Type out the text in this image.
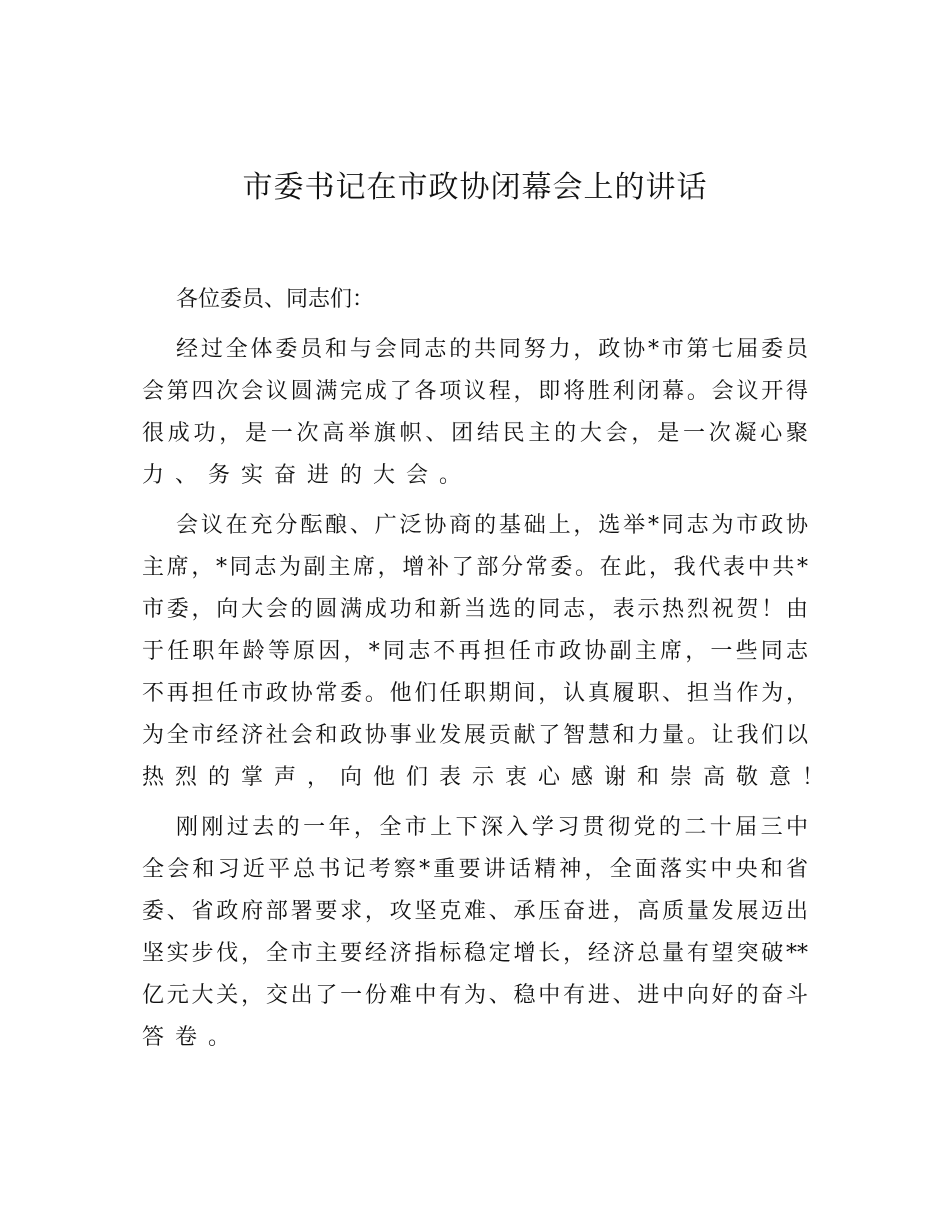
市委书记在市政协闭幕会上的讲话
各位委员、同志们：
经过全体委员和与会同志的共同努力，政协*市第七届委员
会第四次会议圆满完成了各项议程，即将胜利闭幕。会议开得
很成功，是一次高举旗帜、团结民主的大会，是一次凝心聚
力、务实奋进的大会。
会议在充分酝酿、广泛协商的基础上，选举*同志为市政协
主席，*同志为副主席，增补了部分常委。在此，我代表中共*
市委，向大会的圆满成功和新当选的同志，表示热烈祝贺！由
于任职年龄等原因，*同志不再担任市政协副主席，一些同志
不再担任市政协常委。他们任职期间，认真履职、担当作为，
为全市经济社会和政协事业发展贡献了智慧和力量。让我们以
热烈的掌声，向他们表示衷心感谢和崇高敬意！
刚刚过去的一年，全市上下深入学习贯彻党的二十届三中
全会和习近平总书记考察*重要讲话精神，全面落实中央和省
委、省政府部署要求，攻坚克难、承压奋进，高质量发展迈出
坚实步伐，全市主要经济指标稳定增长，经济总量有望突破**
亿元大关，交出了一份难中有为、稳中有进、进中向好的奋斗
答卷。
